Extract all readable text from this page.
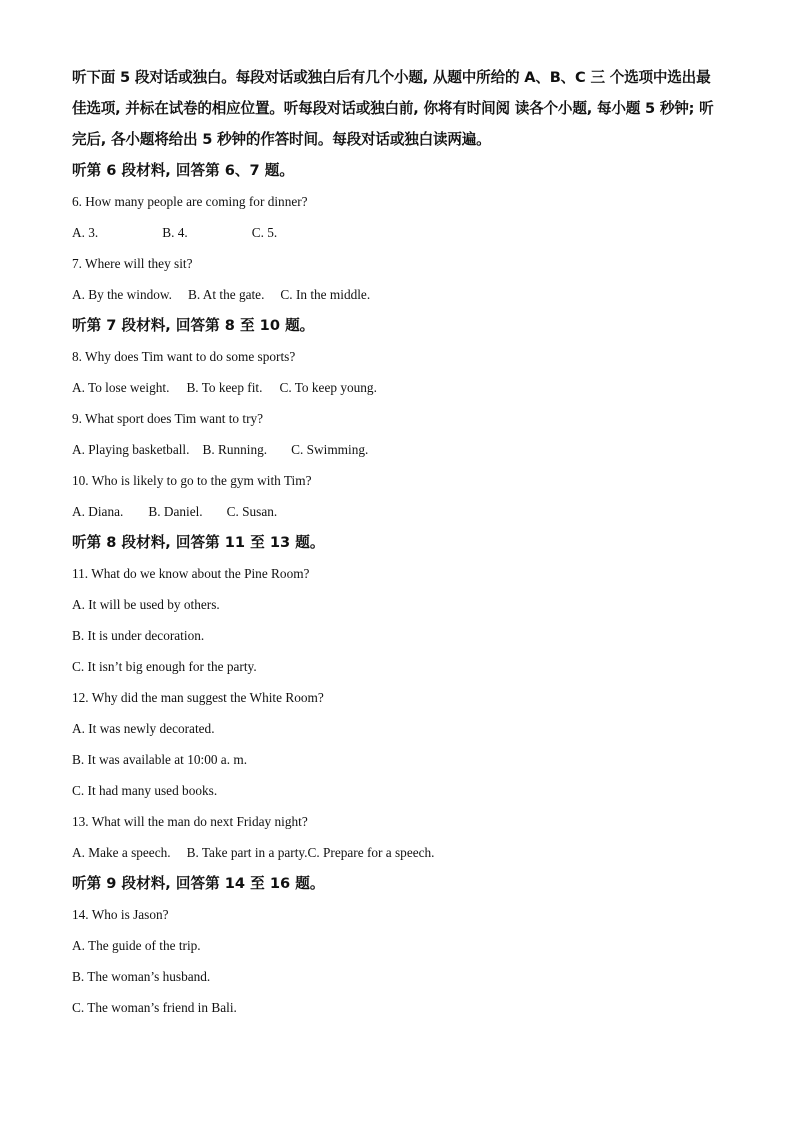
听下面 5 段对话或独白。每段对话或独白后有几个小题, 从题中所给的 A、B、C 三 个选项中选出最佳选项, 并标在试卷的相应位置。听每段对话或独白前, 你将有时间阅 读各个小题, 每小题 5 秒钟; 听完后, 各小题将给出 5 秒钟的作答时间。每段对话或独白读两遍。

听第 6 段材料, 回答第 6、7 题。

6. How many people are coming for dinner?

A. 3.	B. 4.	C. 5.

7. Where will they sit?

A. By the window. B. At the gate. C. In the middle.

听第 7 段材料, 回答第 8 至 10 题。

8. Why does Tim want to do some sports?

A. To lose weight. B. To keep fit. C. To keep young.

9. What sport does Tim want to try?

A. Playing basketball. B. Running. C. Swimming.

10. Who is likely to go to the gym with Tim?

A. Diana. B. Daniel. C. Susan.

听第 8 段材料, 回答第 11 至 13 题。

11. What do we know about the Pine Room?

A. It will be used by others.

B. It is under decoration.

C. It isn’t big enough for the party.

12. Why did the man suggest the White Room?

A. It was newly decorated.

B. It was available at 10:00 a. m.

C. It had many used books.

13. What will the man do next Friday night?

A. Make a speech. B. Take part in a party. C. Prepare for a speech.

听第 9 段材料, 回答第 14 至 16 题。

14. Who is Jason?

A. The guide of the trip.

B. The woman’s husband.

C. The woman’s friend in Bali.
